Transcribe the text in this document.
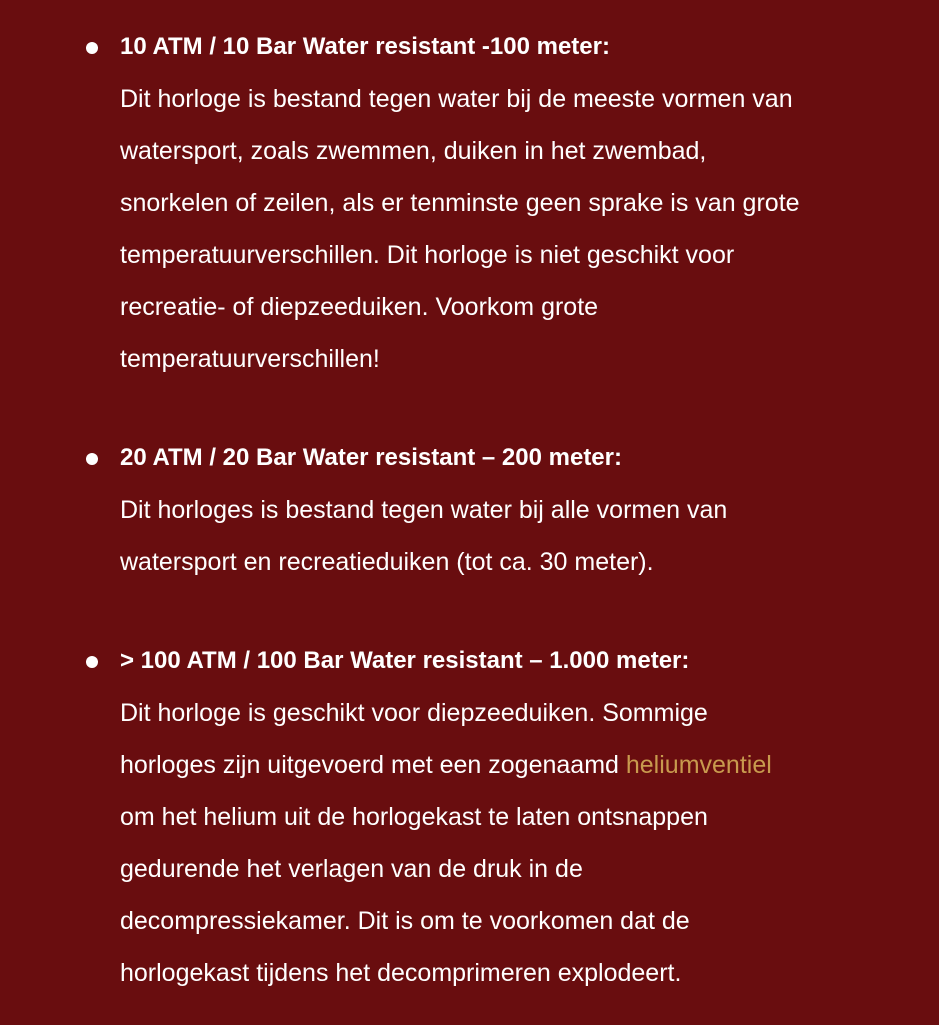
10 ATM / 10 Bar Water resistant -100 meter:

Dit horloge is bestand tegen water bij de meeste vormen van

watersport, zoals zwemmen, duiken in het zwembad,

snorkelen of zeilen, als er tenminste geen sprake is van grote

temperatuurverschillen. Dit horloge is niet geschikt voor

recreatie- of diepzeeduiken. Voorkom grote

temperatuurverschillen!

20 ATM / 20 Bar Water resistant – 200 meter:

Dit horloges is bestand tegen water bij alle vormen van

watersport en recreatieduiken (tot ca. 30 meter).

> 100 ATM / 100 Bar Water resistant – 1.000 meter:

Dit horloge is geschikt voor diepzeeduiken. Sommige

horloges zijn uitgevoerd met een zogenaamd heliumventiel

om het helium uit de horlogekast te laten ontsnappen

gedurende het verlagen van de druk in de

decompressiekamer. Dit is om te voorkomen dat de

horlogekast tijdens het decomprimeren explodeert.
